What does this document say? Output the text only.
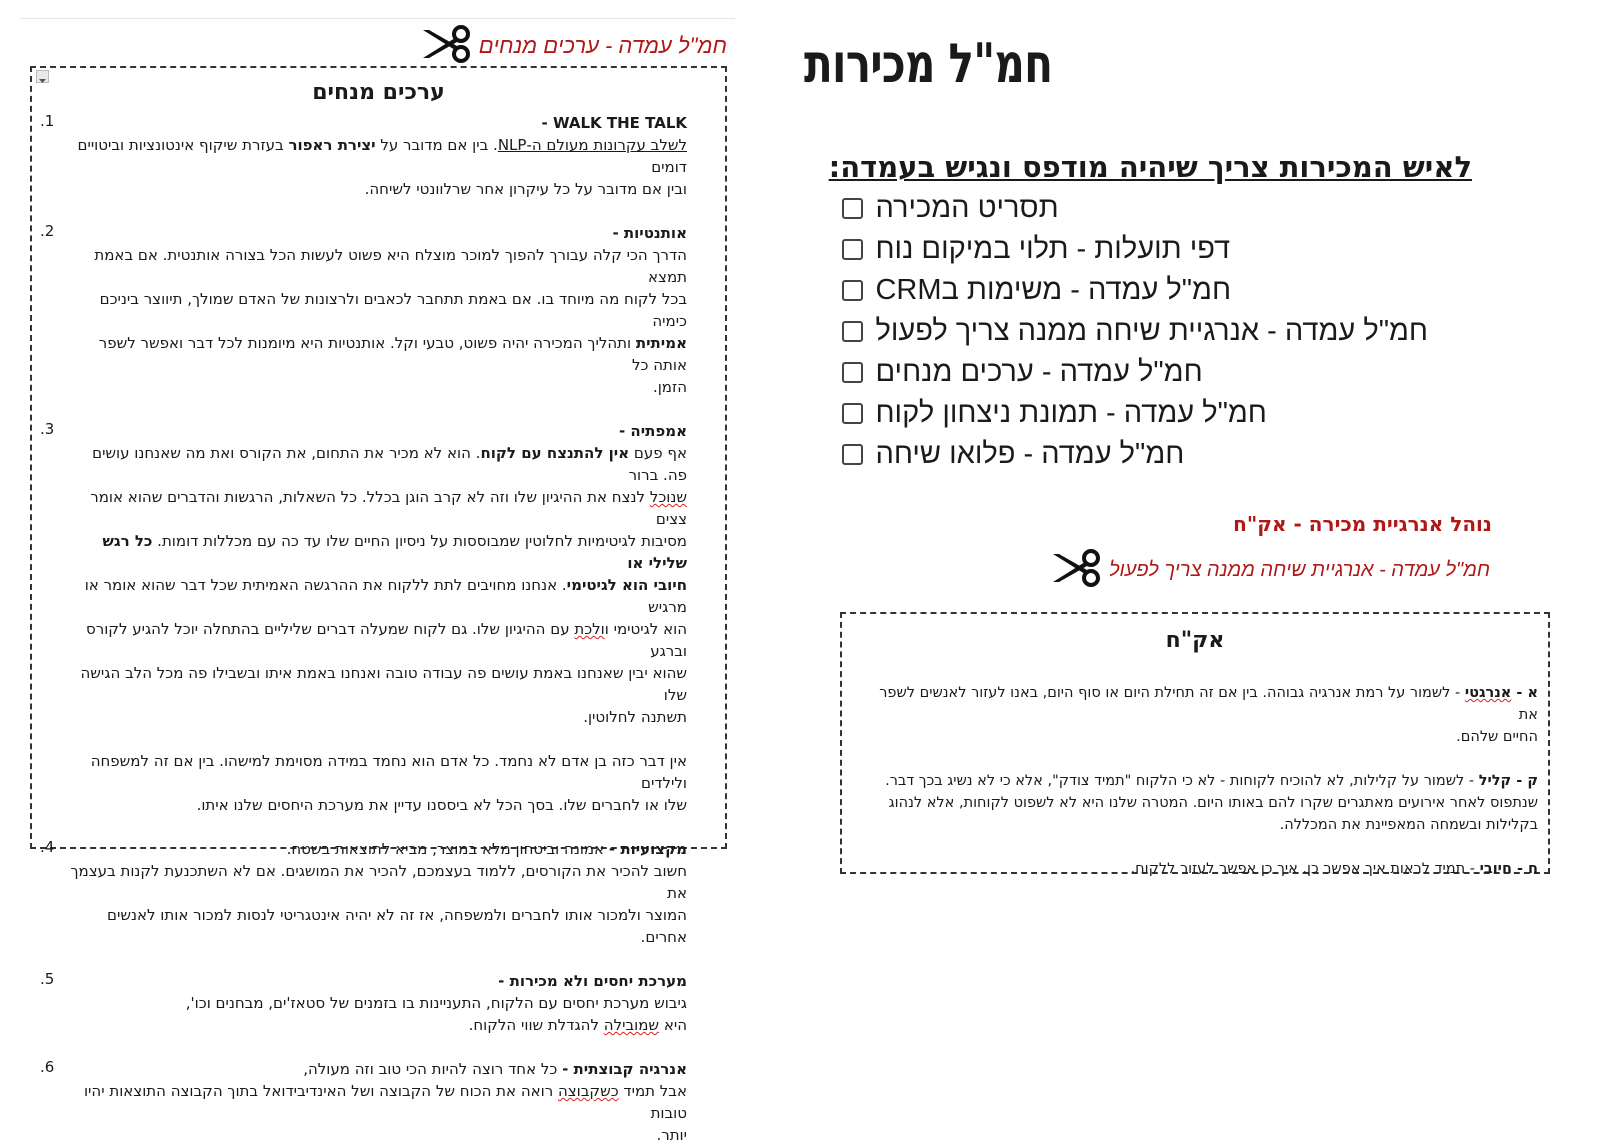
חמ"ל עמדה - ערכים מנחים
ערכים מנחים
1.	WALK THE TALK -
לשלב עקרונות מעולם ה-NLP. בין אם מדובר על יצירת ראפור בעזרת שיקוף אינטונציות וביטויים דומים
ובין אם מדובר על כל עיקרון אחר שרלוונטי לשיחה.
2.	אותנטיות -
הדרך הכי קלה עבורך להפוך למוכר מוצלח היא פשוט לעשות הכל בצורה אותנטית. אם באמת תמצא
בכל לקוח מה מיוחד בו. אם באמת תתחבר לכאבים ולרצונות של האדם שמולך, תיווצר ביניכם כימיה
אמיתית ותהליך המכירה יהיה פשוט, טבעי וקל. אותנטיות היא מיומנות לכל דבר ואפשר לשפר אותה כל
הזמן.
3.	אמפתיה -
אף פעם אין להתנצח עם לקוח. הוא לא מכיר את התחום, את הקורס ואת מה שאנחנו עושים פה. ברור
שנוכל לנצח את ההיגיון שלו וזה לא קרב הוגן בכלל. כל השאלות, הרגשות והדברים שהוא אומר צצים
מסיבות לגיטימיות לחלוטין שמבוססות על ניסיון החיים שלו עד כה עם מכללות דומות. כל רגש שלילי או
חיובי הוא לגיטימי. אנחנו מחויבים לתת ללקוח את ההרגשה האמיתית שכל דבר שהוא אומר או מרגיש
הוא לגיטימי וולכת עם ההיגיון שלו. גם לקוח שמעלה דברים שליליים בהתחלה יוכל להגיע לקורס וברגע
שהוא יבין שאנחנו באמת עושים פה עבודה טובה ואנחנו באמת איתו ובשבילו פה מכל הלב הגישה שלו
תשתנה לחלוטין.
אין דבר כזה בן אדם לא נחמד. כל אדם הוא נחמד במידה מסוימת למישהו. בין אם זה למשפחה ולילדים
שלו או לחברים שלו. בסך הכל לא ביססנו עדיין את מערכת היחסים שלנו איתו.
4.	מקצועיות - אמונה וביטחון מלא במוצר, מביא לתוצאות בשטח.
חשוב להכיר את הקורסים, ללמוד בעצמכם, להכיר את המושגים. אם לא השתכנעת לקנות בעצמך את
המוצר ולמכור אותו לחברים ולמשפחה, אז זה לא יהיה אינטגריטי לנסות למכור אותו לאנשים אחרים.
5.	מערכת יחסים ולא מכירות -
גיבוש מערכת יחסים עם הלקוח, התעניינות בו בזמנים של סטאז'ים, מבחנים וכו',
היא שמובילה להגדלת שווי הלקוח.
6.	אנרגיה קבוצתית - כל אחד רוצה להיות הכי טוב וזה מעולה,
אבל תמיד כשקבוצה רואה את הכוח של הקבוצה ושל האינדיבידואל בתוך הקבוצה התוצאות יהיו טובות
יותר.
חמ"ל מכירות
לאיש המכירות צריך שיהיה מודפס ונגיש בעמדה:
תסריט המכירה
דפי תועלות - תלוי במיקום נוח
חמ"ל עמדה - משימות בCRM
חמ"ל עמדה - אנרגיית שיחה ממנה צריך לפעול
חמ"ל עמדה - ערכים מנחים
חמ"ל עמדה - תמונת ניצחון לקוח
חמ"ל עמדה - פלואו שיחה
נוהל אנרגיית מכירה - אק"ח
חמ"ל עמדה - אנרגיית שיחה ממנה צריך לפעול
אק"ח
א - אנרגטי - לשמור על רמת אנרגיה גבוהה. בין אם זה תחילת היום או סוף היום, באנו לעזור לאנשים לשפר את
החיים שלהם.
ק - קליל - לשמור על קלילות, לא להוכיח לקוחות - לא כי הלקוח "תמיד צודק", אלא כי לא נשיג בכך דבר.
שנתפוס לאחר אירועים מאתגרים שקרו להם באותו היום. המטרה שלנו היא לא לשפוט לקוחות, אלא לנהוג
בקלילות ובשמחה המאפיינת את המכללה.
ח - חיובי - תמיד לראות איך אפשר כן. איך כן אפשר לעזור ללקוח.
